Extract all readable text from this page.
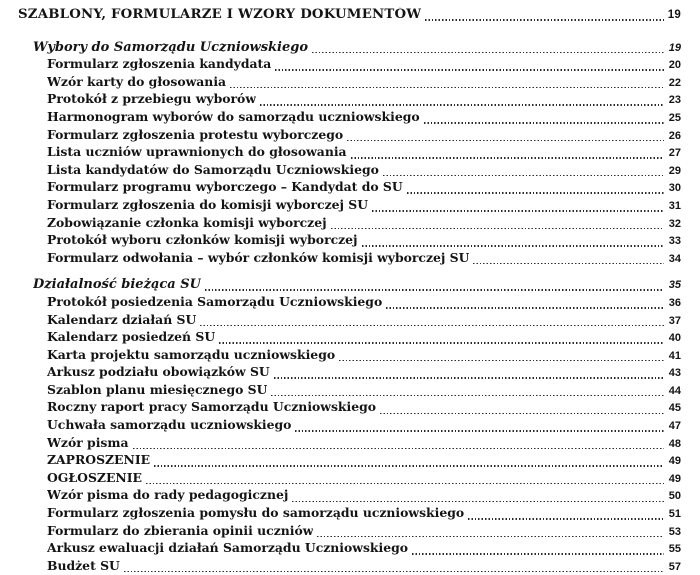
SZABLONY, FORMULARZE I WZORY DOKUMENTÓW	19
Wybory do Samorządu Uczniowskiego	19
Formularz zgłoszenia kandydata	20
Wzór karty do głosowania	22
Protokół z przebiegu wyborów	23
Harmonogram wyborów do samorządu uczniowskiego	25
Formularz zgłoszenia protestu wyborczego	26
Lista uczniów uprawnionych do głosowania	27
Lista kandydatów do Samorządu Uczniowskiego	29
Formularz programu wyborczego – Kandydat do SU	30
Formularz zgłoszenia do komisji wyborczej SU	31
Zobowiązanie członka komisji wyborczej	32
Protokół wyboru członków komisji wyborczej	33
Formularz odwołania – wybór członków komisji wyborczej SU	34
Działalność bieżąca SU	35
Protokół posiedzenia Samorządu Uczniowskiego	36
Kalendarz działań SU	37
Kalendarz posiedzeń SU	40
Karta projektu samorządu uczniowskiego	41
Arkusz podziału obowiązków SU	43
Szablon planu miesięcznego SU	44
Roczny raport pracy Samorządu Uczniowskiego	45
Uchwała samorządu uczniowskiego	47
Wzór pisma	48
ZAPROSZENIE	49
OGŁOSZENIE	49
Wzór pisma do rady pedagogicznej	50
Formularz zgłoszenia pomysłu do samorządu uczniowskiego	51
Formularz do zbierania opinii uczniów	53
Arkusz ewaluacji działań Samorządu Uczniowskiego	55
Budżet SU	57
